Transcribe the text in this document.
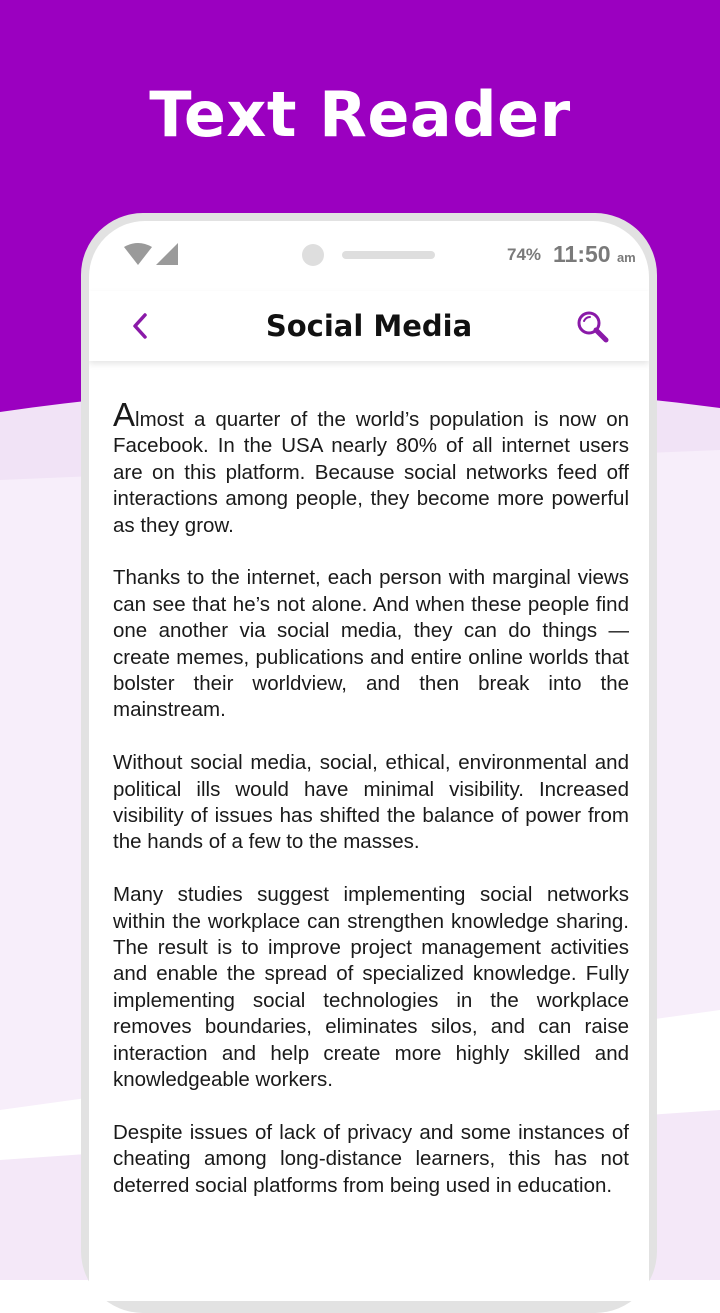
Text Reader
74% 11:50 am
Social Media

Almost a quarter of the world’s population is now on Facebook. In the USA nearly 80% of all internet users are on this platform. Because social networks feed off interactions among people, they become more powerful as they grow.

Thanks to the internet, each person with marginal views can see that he’s not alone. And when these people find one another via social media, they can do things — create memes, publications and entire online worlds that bolster their worldview, and then break into the mainstream.

Without social media, social, ethical, environmental and political ills would have minimal visibility. Increased visibility of issues has shifted the balance of power from the hands of a few to the masses.

Many studies suggest implementing social networks within the workplace can strengthen knowledge sharing. The result is to improve project management activities and enable the spread of specialized knowledge. Fully implementing social technologies in the workplace removes boundaries, eliminates silos, and can raise interaction and help create more highly skilled and knowledgeable workers.

Despite issues of lack of privacy and some instances of cheating among long-distance learners, this has not deterred social platforms from being used in education.
